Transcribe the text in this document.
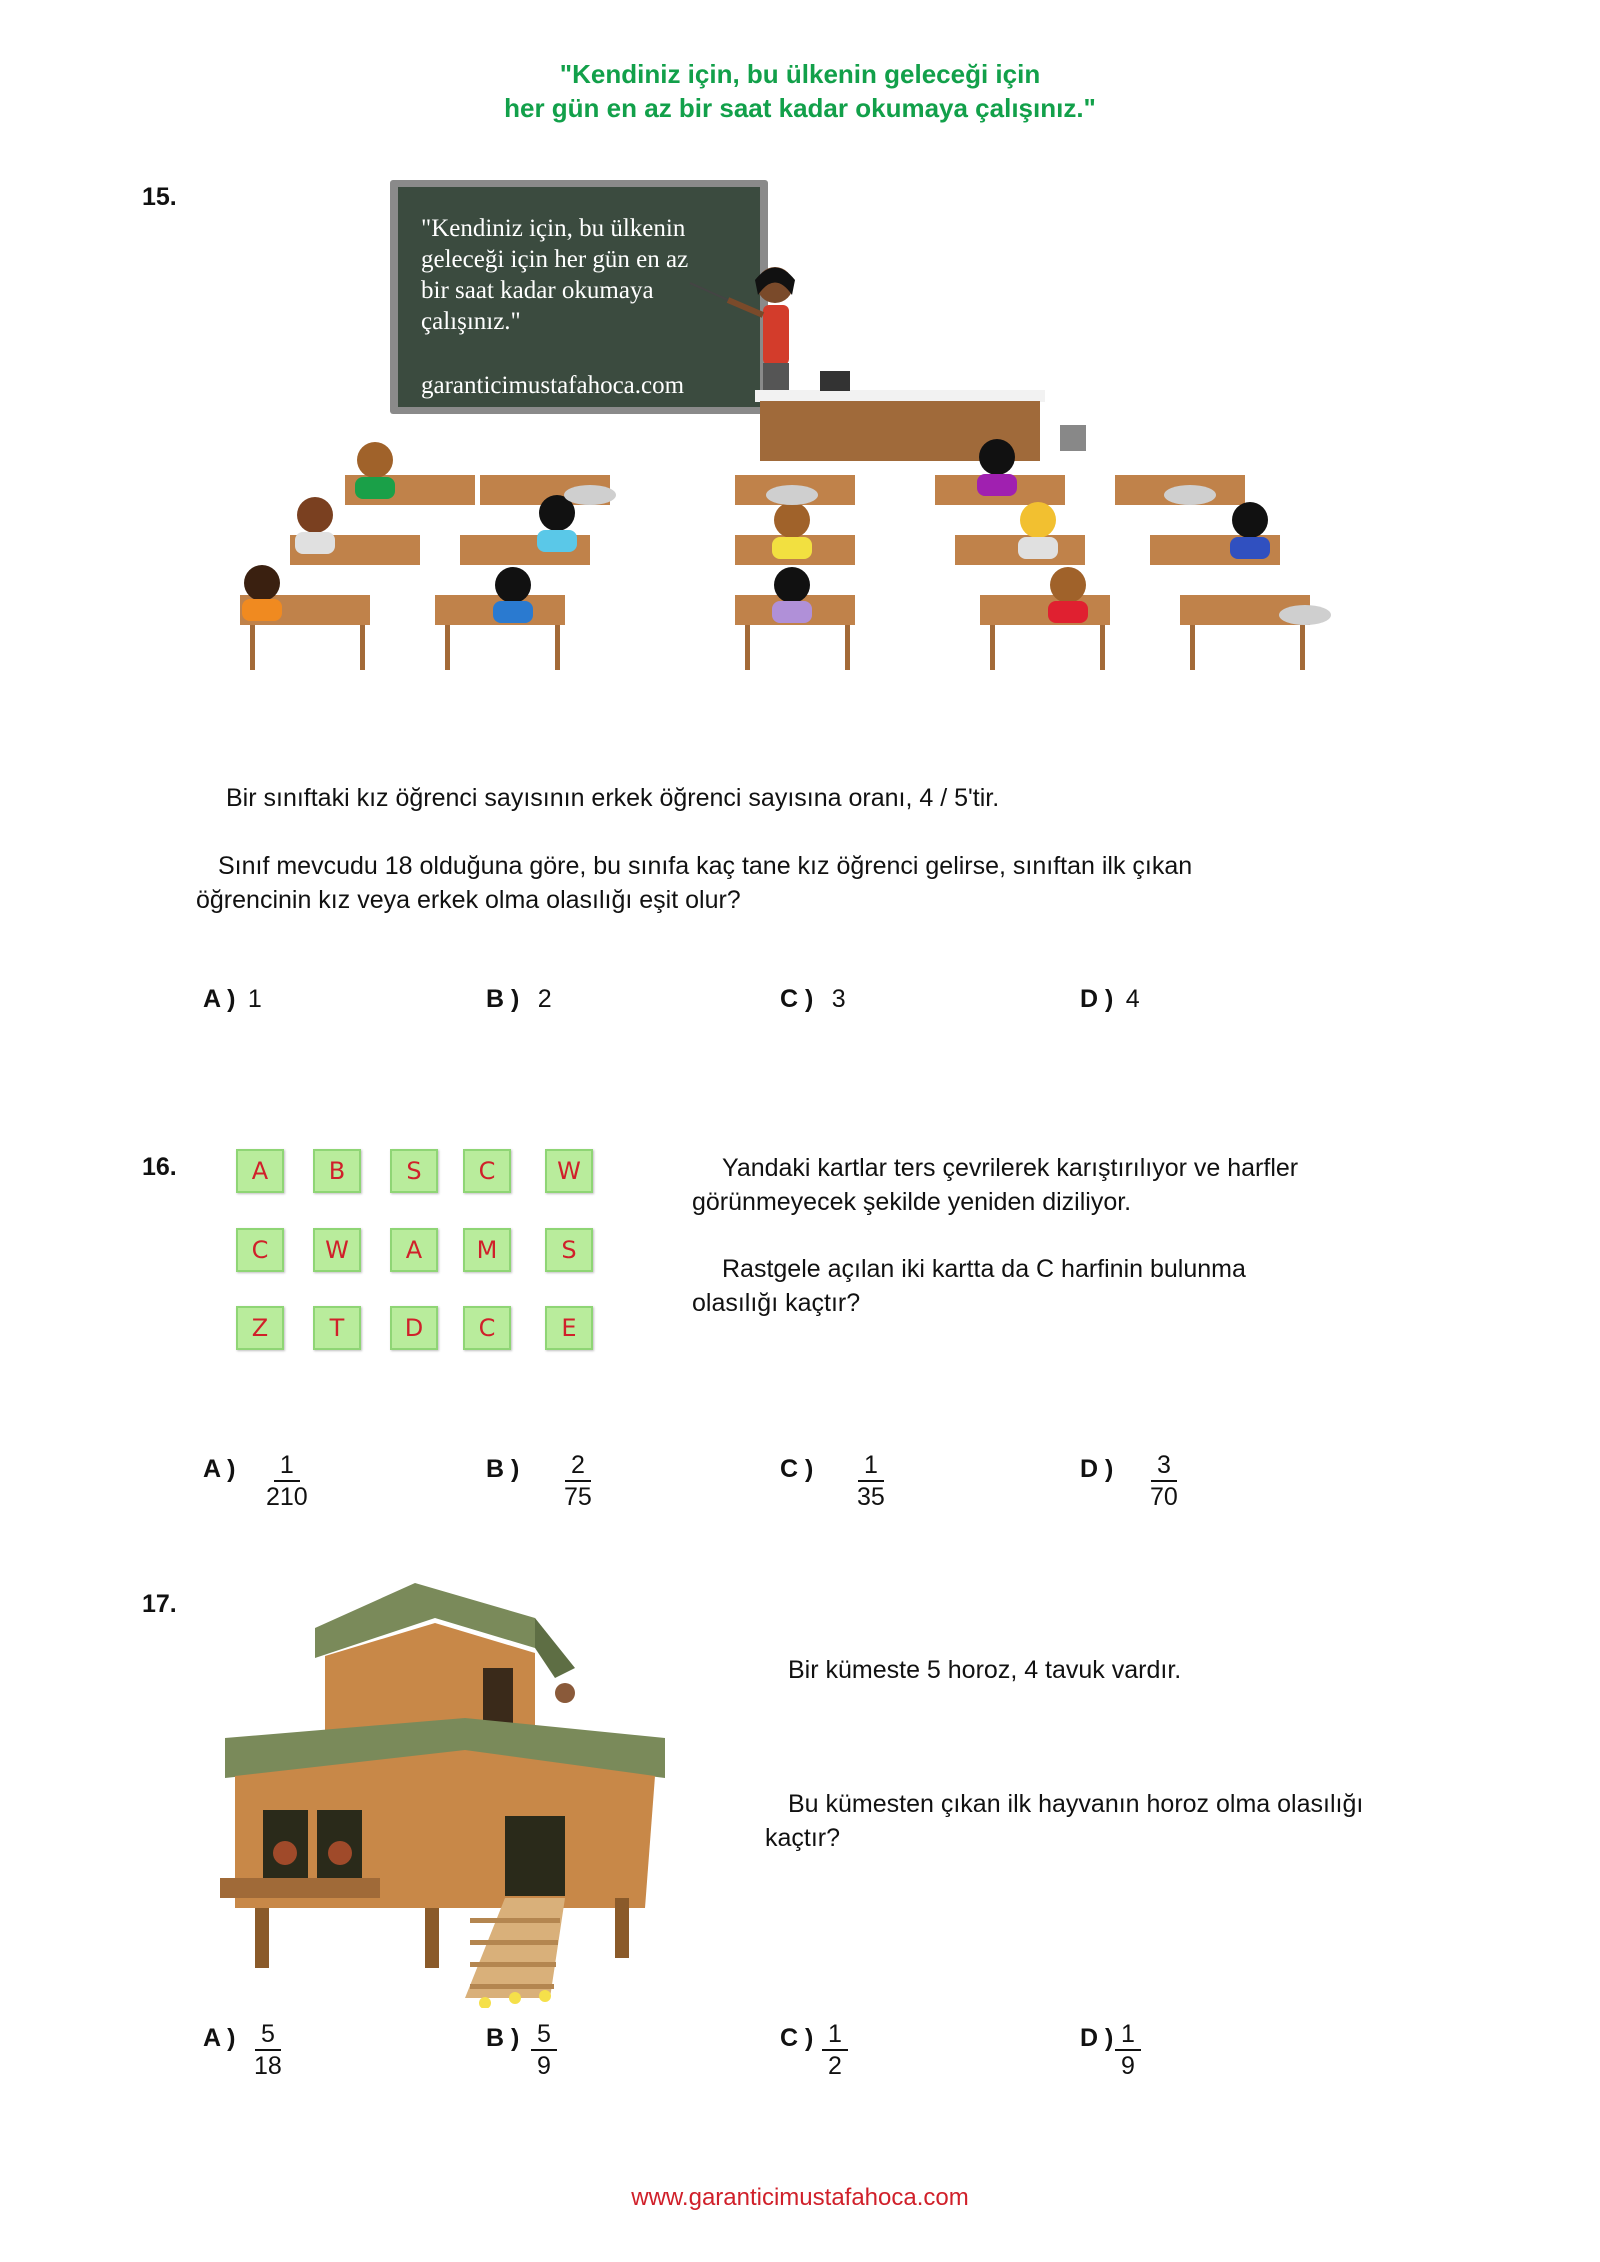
"Kendiniz için, bu ülkenin geleceği için
her gün en az bir saat kadar okumaya çalışınız."
15.
"Kendiniz için, bu ülkenin
geleceği için her gün en az
bir saat kadar okumaya
çalışınız."
garanticimustafahoca.com
Bir sınıftaki kız öğrenci sayısının erkek öğrenci sayısına oranı, 4 / 5'tir.
Sınıf mevcudu 18 olduğuna göre, bu sınıfa kaç tane kız öğrenci gelirse, sınıftan ilk çıkan
öğrencinin kız veya erkek olma olasılığı eşit olur?
A ) 1	B ) 2	C ) 3	D ) 4
16.	A	B	S	C	W
C	W	A	M	S
Z	T	D	C	E
Yandaki kartlar ters çevrilerek karıştırılıyor ve harfler
görünmeyecek şekilde yeniden diziliyor.
Rastgele açılan iki kartta da C harfinin bulunma
olasılığı kaçtır?
A ) $\frac{1}{210}$	B ) $\frac{2}{75}$	C ) $\frac{1}{35}$	D ) $\frac{3}{70}$
17.
Bir kümeste 5 horoz, 4 tavuk vardır.
Bu kümesten çıkan ilk hayvanın horoz olma olasılığı
kaçtır?
A ) $\frac{5}{18}$	B ) $\frac{5}{9}$	C ) $\frac{1}{2}$	D ) $\frac{1}{9}$
www.garanticimustafahoca.com
